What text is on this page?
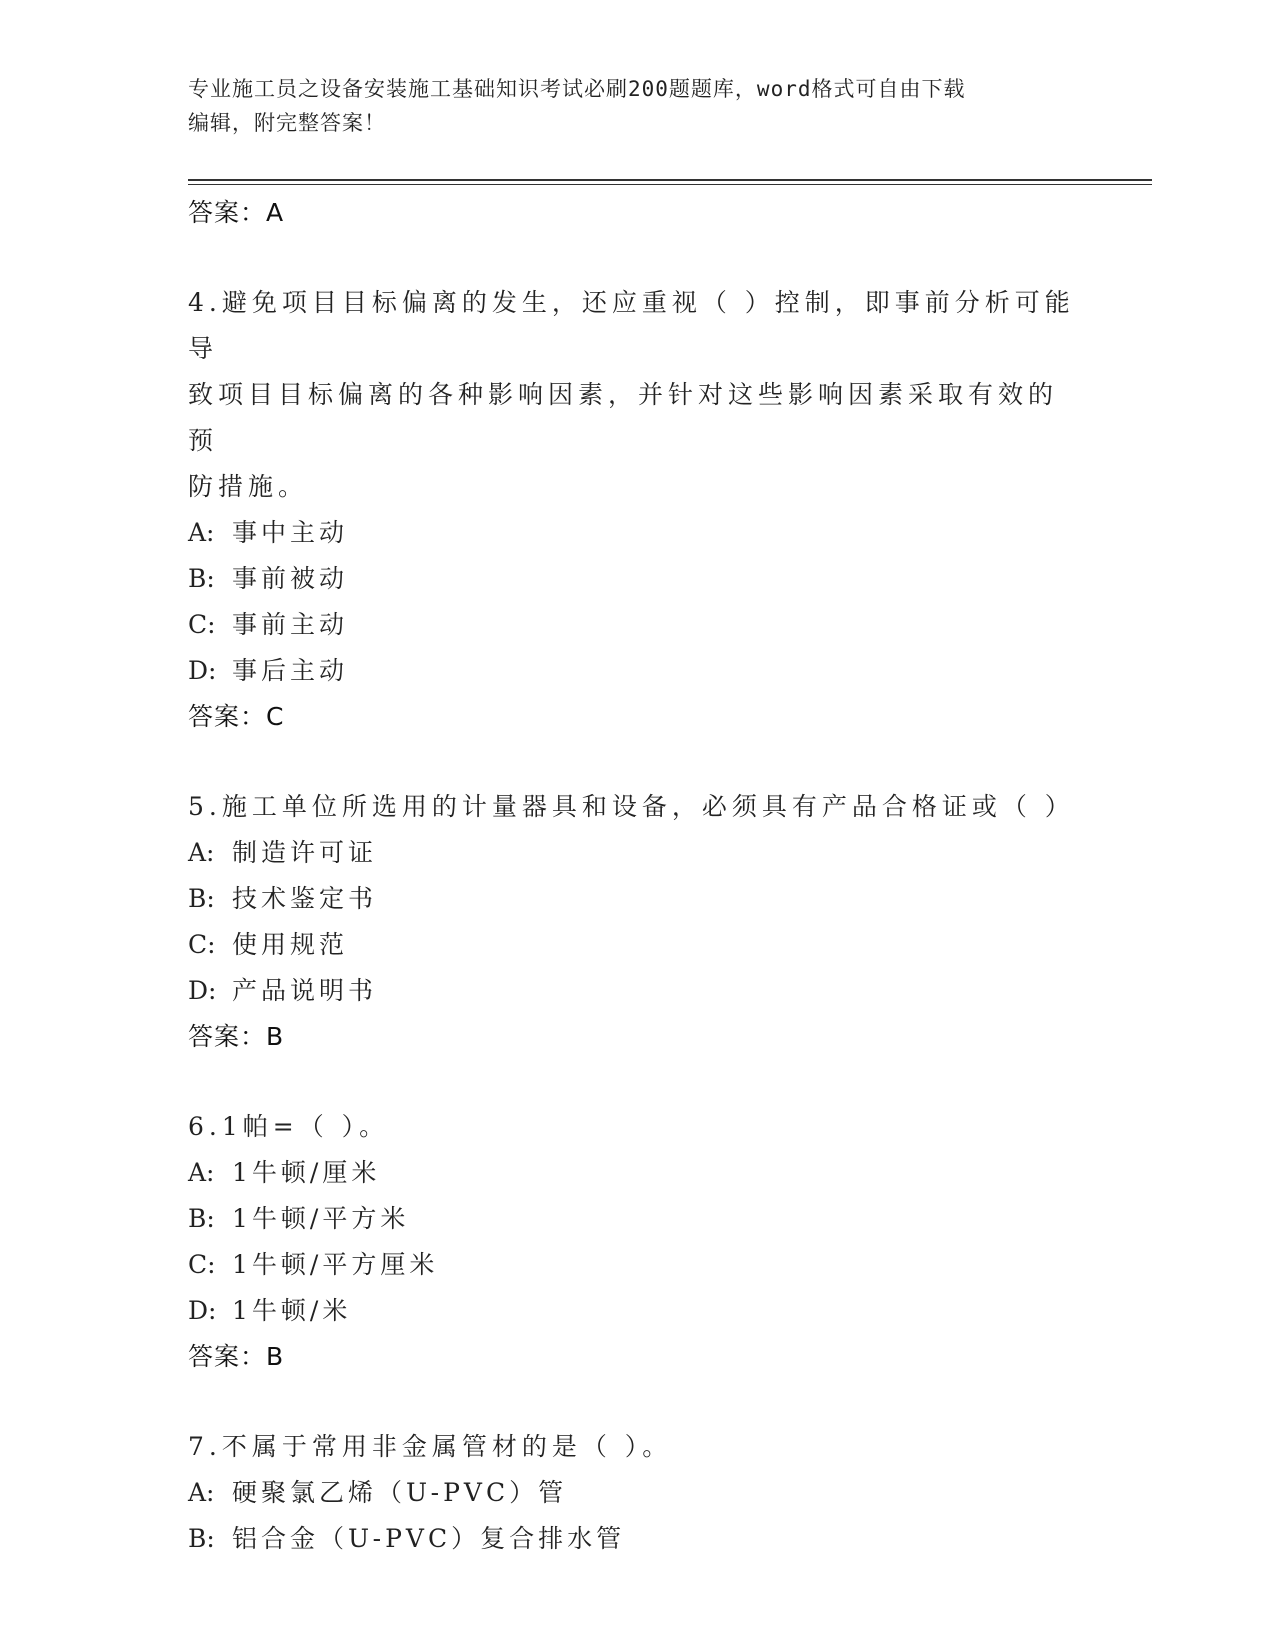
专业施工员之设备安装施工基础知识考试必刷200题题库，word格式可自由下载
编辑，附完整答案！
答案：A
4.避免项目目标偏离的发生，还应重视（ ）控制，即事前分析可能导
致项目目标偏离的各种影响因素，并针对这些影响因素采取有效的预
防措施。
A: 事中主动
B: 事前被动
C: 事前主动
D: 事后主动
答案：C
5.施工单位所选用的计量器具和设备，必须具有产品合格证或（ ）
A: 制造许可证
B: 技术鉴定书
C: 使用规范
D: 产品说明书
答案：B
6.1帕=（ ）。
A: 1牛顿/厘米
B: 1牛顿/平方米
C: 1牛顿/平方厘米
D: 1牛顿/米
答案：B
7.不属于常用非金属管材的是（ ）。
A: 硬聚氯乙烯（U-PVC）管
B: 铝合金（U-PVC）复合排水管
